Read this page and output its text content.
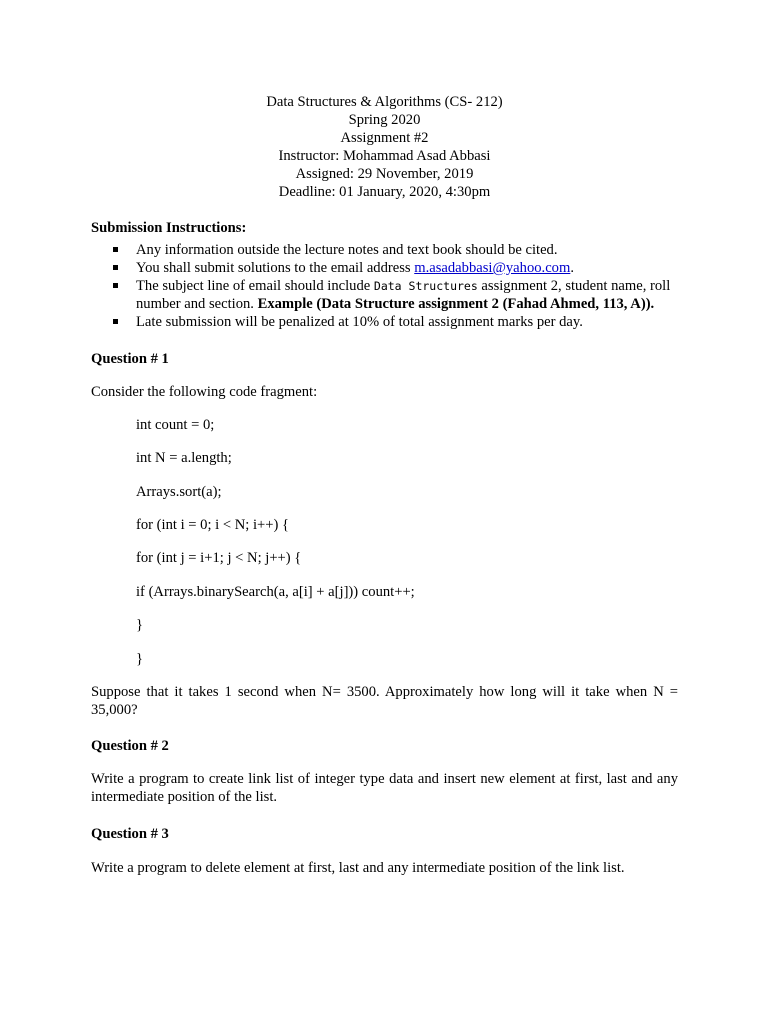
Data Structures & Algorithms (CS- 212)
Spring 2020
Assignment #2
Instructor: Mohammad Asad Abbasi
Assigned: 29 November, 2019
Deadline: 01 January, 2020, 4:30pm

Submission Instructions:

Any information outside the lecture notes and text book should be cited.
You shall submit solutions to the email address m.asadabbasi@yahoo.com.
The subject line of email should include Data Structures assignment 2, student name, roll number and section. Example (Data Structure assignment 2 (Fahad Ahmed, 113, A)).
Late submission will be penalized at 10% of total assignment marks per day.

Question # 1

Consider the following code fragment:

int count = 0;

int N = a.length;

Arrays.sort(a);

for (int i = 0; i < N; i++) {

for (int j = i+1; j < N; j++) {

if (Arrays.binarySearch(a, a[i] + a[j])) count++;

}

}

Suppose that it takes 1 second when N= 3500. Approximately how long will it take when N = 35,000?

Question # 2

Write a program to create link list of integer type data and insert new element at first, last and any intermediate position of the list.

Question # 3

Write a program to delete element at first, last and any intermediate position of the link list.
